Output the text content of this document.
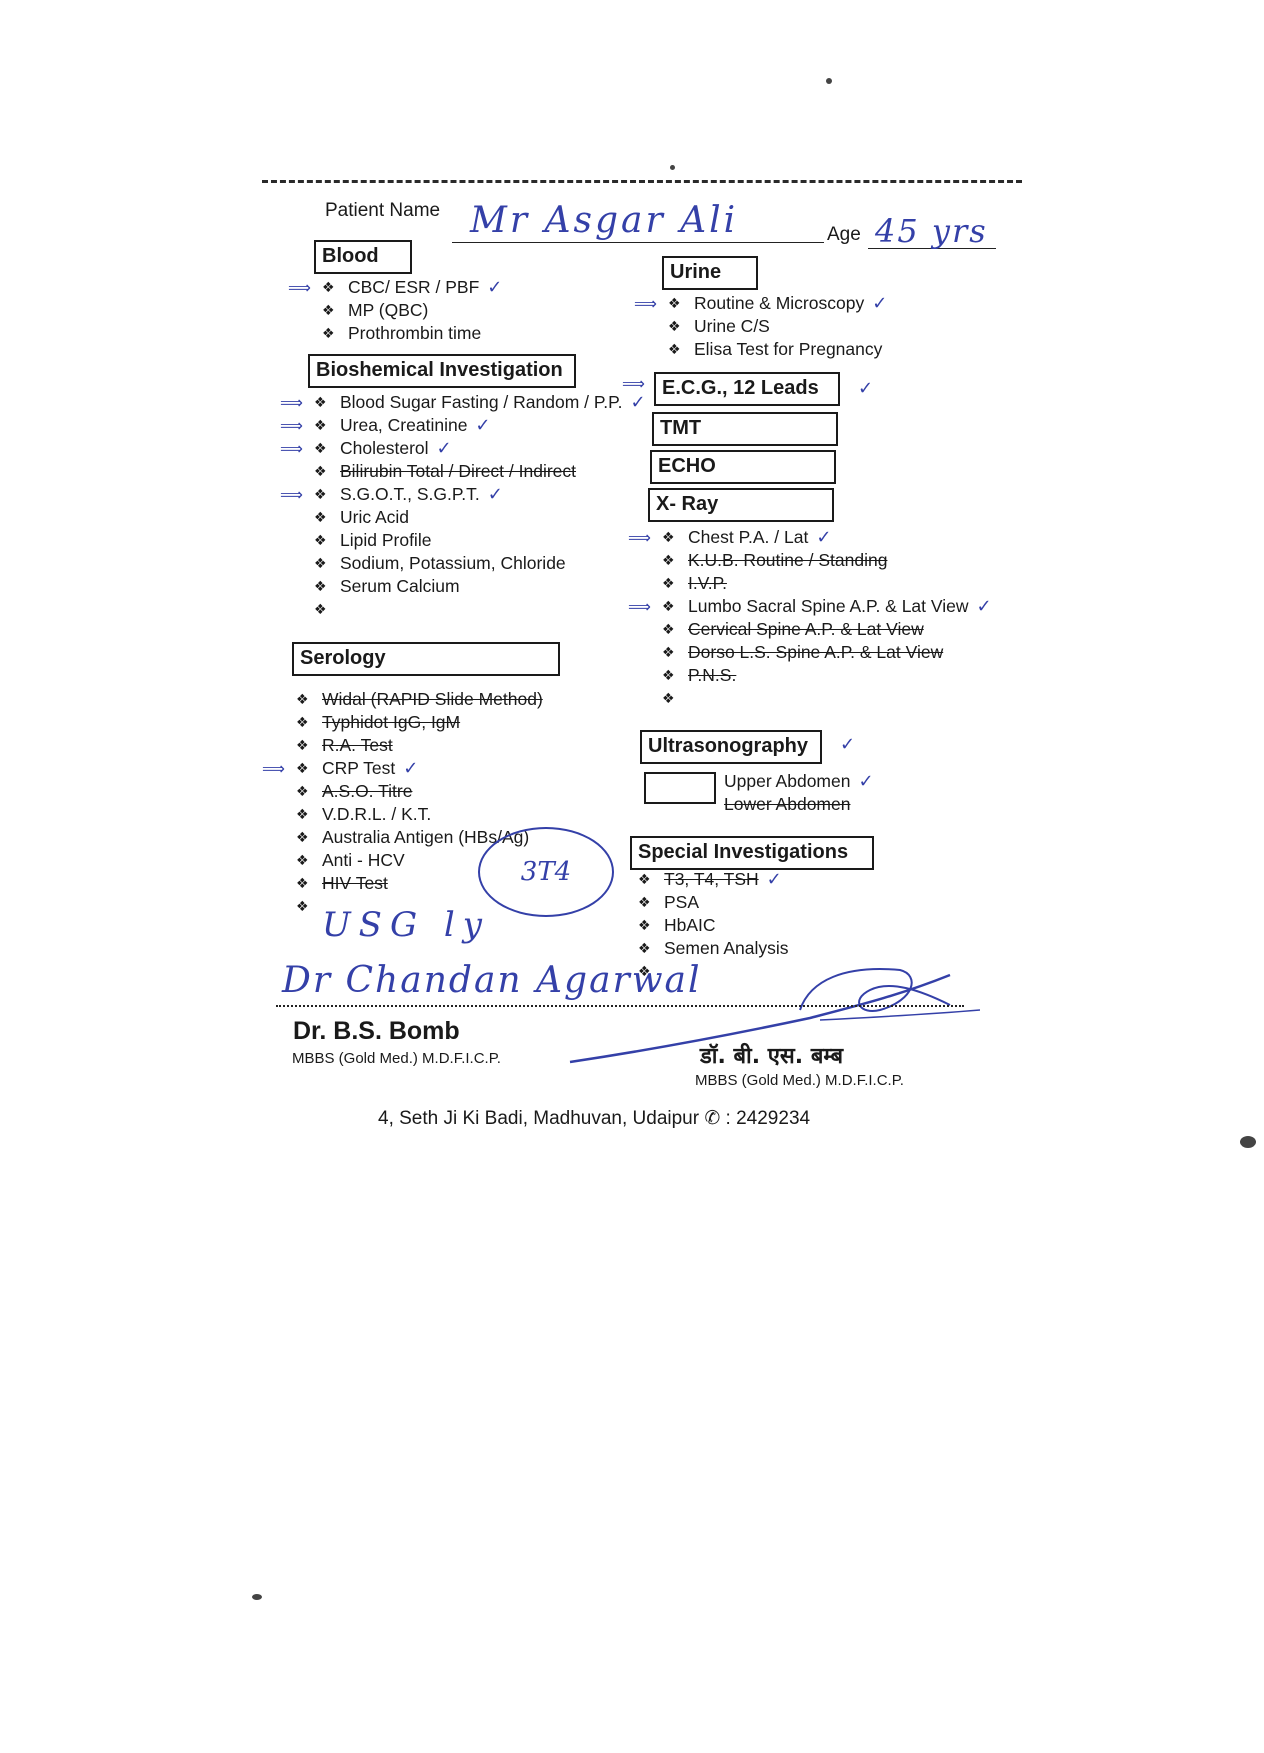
Patient Name Mr Asgar Ali	Age 45 yrs
Blood
❖ ⟹ CBC/ ESR / PBF ✓
❖ MP (QBC)
❖ Prothrombin time
Bioshemical Investigation
❖ ⟹ Blood Sugar Fasting / Random / P.P. ✓
❖ ⟹ Urea, Creatinine ✓
❖ ⟹ Cholesterol ✓
❖ Bilirubin Total / Direct / Indirect
❖ ⟹ S.G.O.T., S.G.P.T. ✓
❖ Uric Acid
❖ Lipid Profile
❖ Sodium, Potassium, Chloride
❖ Serum Calcium
❖
Serology
❖ Widal (RAPID Slide Method)
❖ Typhidot IgG, IgM
❖ R.A. Test
❖ ⟹ CRP Test ✓
❖ A.S.O. Titre
❖ V.D.R.L. / K.T.
❖ Australia Antigen (HBs/Ag)
❖ Anti - HCV
❖ HIV Test
❖
Urine
❖ ⟹ Routine & Microscopy ✓
❖ Urine C/S
❖ Elisa Test for Pregnancy
E.C.G., 12 Leads	✓
⟹
TMT
ECHO
X- Ray
❖ ⟹ Chest P.A. / Lat ✓
❖ K.U.B. Routine / Standing
❖ I.V.P.
❖ ⟹ Lumbo Sacral Spine A.P. & Lat View ✓
❖ Cervical Spine A.P. & Lat View
❖ Dorso L.S. Spine A.P. & Lat View
❖ P.N.S.
❖
Ultrasonography	✓
Upper Abdomen ✓
Lower Abdomen
Special Investigations
❖ T3, T4, TSH ✓
❖ PSA
❖ HbAIC
❖ Semen Analysis
❖
3T4
USG ly
Dr Chandan Agarwal
Dr. B.S. Bomb
MBBS (Gold Med.) M.D.F.I.C.P.	डॉ. बी. एस. बम्ब
MBBS (Gold Med.) M.D.F.I.C.P.
4, Seth Ji Ki Badi, Madhuvan, Udaipur ✆ : 2429234
